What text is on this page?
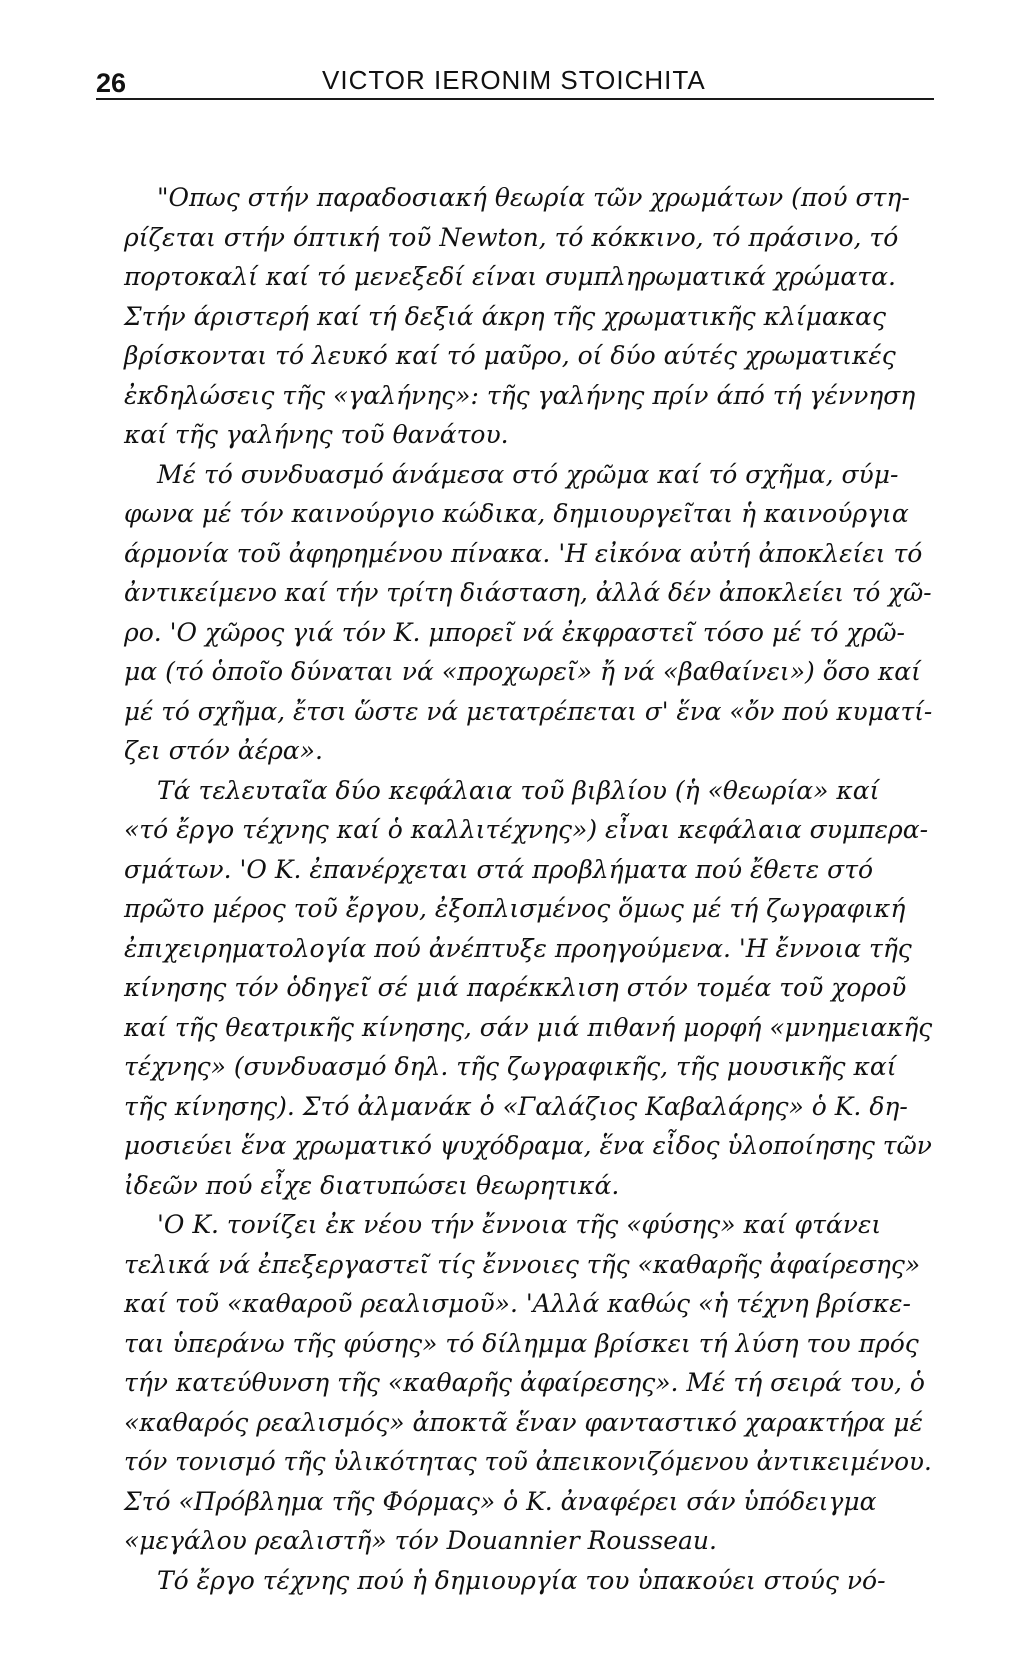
26	VICTOR IERONIM STOICHITA
"Οπως στήν παραδοσιακή θεωρία τῶν χρωμάτων (πού στη-
ρίζεται στήν όπτική τοῦ Newton, τό κόκκινο, τό πράσινο, τό
πορτοκαλί καί τό μενεξεδί είναι συμπληρωματικά χρώματα.
Στήν άριστερή καί τή δεξιά άκρη τῆς χρωματικῆς κλίμακας
βρίσκονται τό λευκό καί τό μαῦρο, οί δύο αύτές χρωματικές
ἐκδηλώσεις τῆς «γαλήνης»: τῆς γαλήνης πρίν άπό τή γέννηση
καί τῆς γαλήνης τοῦ θανάτου.
Μέ τό συνδυασμό άνάμεσα στό χρῶμα καί τό σχῆμα, σύμ-
φωνα μέ τόν καινούργιο κώδικα, δημιουργεῖται ἡ καινούργια
άρμονία τοῦ ἀφηρημένου πίνακα. 'Η εἰκόνα αὐτή ἀποκλείει τό
ἀντικείμενο καί τήν τρίτη διάσταση, ἀλλά δέν ἀποκλείει τό χῶ-
ρο. 'Ο χῶρος γιά τόν Κ. μπορεῖ νά ἐκφραστεῖ τόσο μέ τό χρῶ-
μα (τό ὁποῖο δύναται νά «προχωρεῖ» ἤ νά «βαθαίνει») ὅσο καί
μέ τό σχῆμα, ἔτσι ὥστε νά μετατρέπεται σ' ἕνα «ὄν πού κυματί-
ζει στόν ἀέρα».
Τά τελευταῖα δύο κεφάλαια τοῦ βιβλίου (ἡ «θεωρία» καί
«τό ἔργο τέχνης καί ὁ καλλιτέχνης») εἶναι κεφάλαια συμπερα-
σμάτων. 'Ο Κ. ἐπανέρχεται στά προβλήματα πού ἔθετε στό
πρῶτο μέρος τοῦ ἔργου, ἐξοπλισμένος ὅμως μέ τή ζωγραφική
ἐπιχειρηματολογία πού ἀνέπτυξε προηγούμενα. 'Η ἔννοια τῆς
κίνησης τόν ὁδηγεῖ σέ μιά παρέκκλιση στόν τομέα τοῦ χοροῦ
καί τῆς θεατρικῆς κίνησης, σάν μιά πιθανή μορφή «μνημειακῆς
τέχνης» (συνδυασμό δηλ. τῆς ζωγραφικῆς, τῆς μουσικῆς καί
τῆς κίνησης). Στό ἀλμανάκ ὁ «Γαλάζιος Καβαλάρης» ὁ Κ. δη-
μοσιεύει ἕνα χρωματικό ψυχόδραμα, ἕνα εἶδος ὑλοποίησης τῶν
ἰδεῶν πού εἶχε διατυπώσει θεωρητικά.
'Ο Κ. τονίζει ἐκ νέου τήν ἔννοια τῆς «φύσης» καί φτάνει
τελικά νά ἐπεξεργαστεῖ τίς ἔννοιες τῆς «καθαρῆς ἀφαίρεσης»
καί τοῦ «καθαροῦ ρεαλισμοῦ». 'Αλλά καθώς «ἡ τέχνη βρίσκε-
ται ὑπεράνω τῆς φύσης» τό δίλημμα βρίσκει τή λύση του πρός
τήν κατεύθυνση τῆς «καθαρῆς ἀφαίρεσης». Μέ τή σειρά του, ὁ
«καθαρός ρεαλισμός» ἀποκτᾶ ἕναν φανταστικό χαρακτήρα μέ
τόν τονισμό τῆς ὑλικότητας τοῦ ἀπεικονιζόμενου ἀντικειμένου.
Στό «Πρόβλημα τῆς Φόρμας» ὁ Κ. ἀναφέρει σάν ὑπόδειγμα
«μεγάλου ρεαλιστῆ» τόν Douannier Rousseau.
Τό ἔργο τέχνης πού ἡ δημιουργία του ὑπακούει στούς νό-
